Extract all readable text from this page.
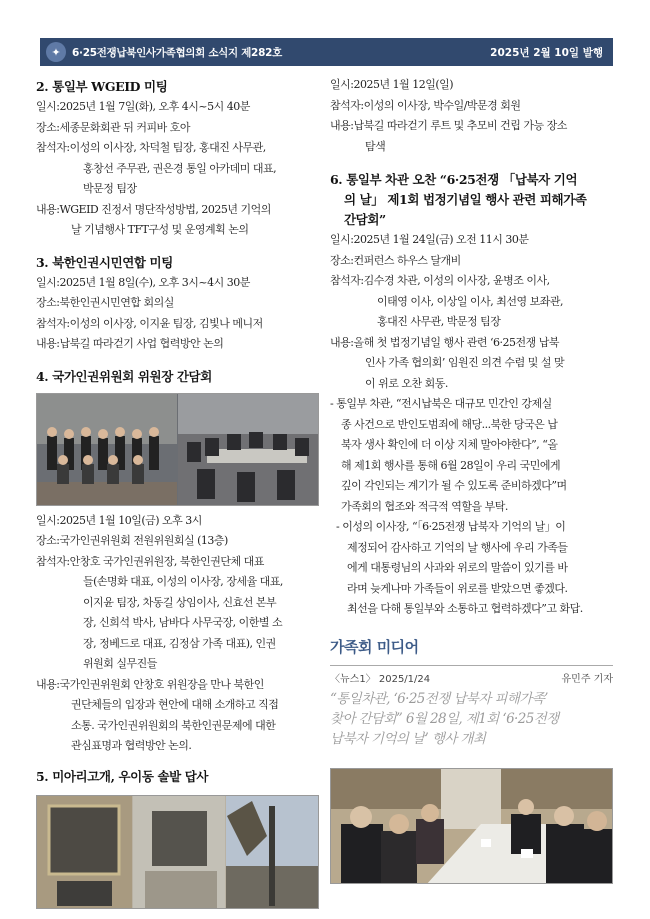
✦	6·25전쟁납북인사가족협의회 소식지 제282호	2025년 2월 10일 발행
2. 통일부 WGEID 미팅
일시: 2025년 1월 7일(화), 오후 4시~5시 40분
장소: 세종문화회관 뒤 커피바 호아
참석자: 이성의 이사장, 차덕철 팀장, 홍대진 사무관,
홍창선 주무관, 권은경 통일 아카데미 대표,
박문정 팀장
내용: WGEID 진정서 명단작성방법, 2025년 기억의
날 기념행사 TFT구성 및 운영계획 논의
3. 북한인권시민연합 미팅
일시: 2025년 1월 8일(수), 오후 3시~4시 30분
장소: 북한인권시민연합 회의실
참석자: 이성의 이사장, 이지윤 팀장, 김빛나 메니저
내용: 납북길 따라걷기 사업 협력방안 논의
4. 국가인권위원회 위원장 간담회
일시: 2025년 1월 10일(금) 오후 3시
장소: 국가인권위원회 전원위원회실 (13층)
참석자: 안창호 국가인권위원장, 북한인권단체 대표
들(손명화 대표, 이성의 이사장, 장세율 대표,
이지윤 팀장, 차동길 상임이사, 신효선 본부
장, 신희석 박사, 남바다 사무국장, 이한별 소
장, 정베드로 대표, 김정삼 가족 대표), 인권
위원회 실무진들
내용: 국가인권위원회 안창호 위원장을 만나 북한인
권단체들의 입장과 현안에 대해 소개하고 직접
소통. 국가인권위원회의 북한인권문제에 대한
관심표명과 협력방안 논의.
5. 미아리고개, 우이동 솔밭 답사
일시: 2025년 1월 12일(일)
참석자: 이성의 이사장, 박수일/박문경 회원
내용: 납북길 따라걷기 루트 및 추모비 건립 가능 장소
탐색
6. 통일부 차관 오찬 “6·25전쟁 「납북자 기억
의 날」 제1회 법정기념일 행사 관련 피해가족
간담회”
일시: 2025년 1월 24일(금) 오전 11시 30분
장소: 컨퍼런스 하우스 달개비
참석자: 김수경 차관, 이성의 이사장, 윤병조 이사,
이태영 이사, 이상일 이사, 최선영 보좌관,
홍대진 사무관, 박문정 팀장
내용: 올해 첫 법정기념일 행사 관련 ‘6·25전쟁 납북
인사 가족 협의회’ 임원진 의견 수렴 및 설 맞
이 위로 오찬 회동.
- 통일부 차관, “전시납북은 대규모 민간인 강제실
종 사건으로 반인도범죄에 해당...북한 당국은 납
북자 생사 확인에 더 이상 지체 말아야한다”, “올
해 제1회 행사를 통해 6월 28일이 우리 국민에게
깊이 각인되는 계기가 될 수 있도록 준비하겠다”며
가족회의 협조와 적극적 역할을 부탁.
- 이성의 이사장, “「6·25전쟁 납북자 기억의 날」이
제정되어 감사하고 기억의 날 행사에 우리 가족들
에게 대통령님의 사과와 위로의 말씀이 있기를 바
라며 늦게나마 가족들이 위로를 받았으면 좋겠다.
최선을 다해 통일부와 소통하고 협력하겠다”고 화답.
가족회 미디어
〈뉴스1〉 2025/1/24	유민주 기자
“통일차관, ‘6·25전쟁 납북자 피해가족’
찾아 간담회” 6월 28일, 제1회 ‘6·25전쟁
납북자 기억의 날’ 행사 개최
